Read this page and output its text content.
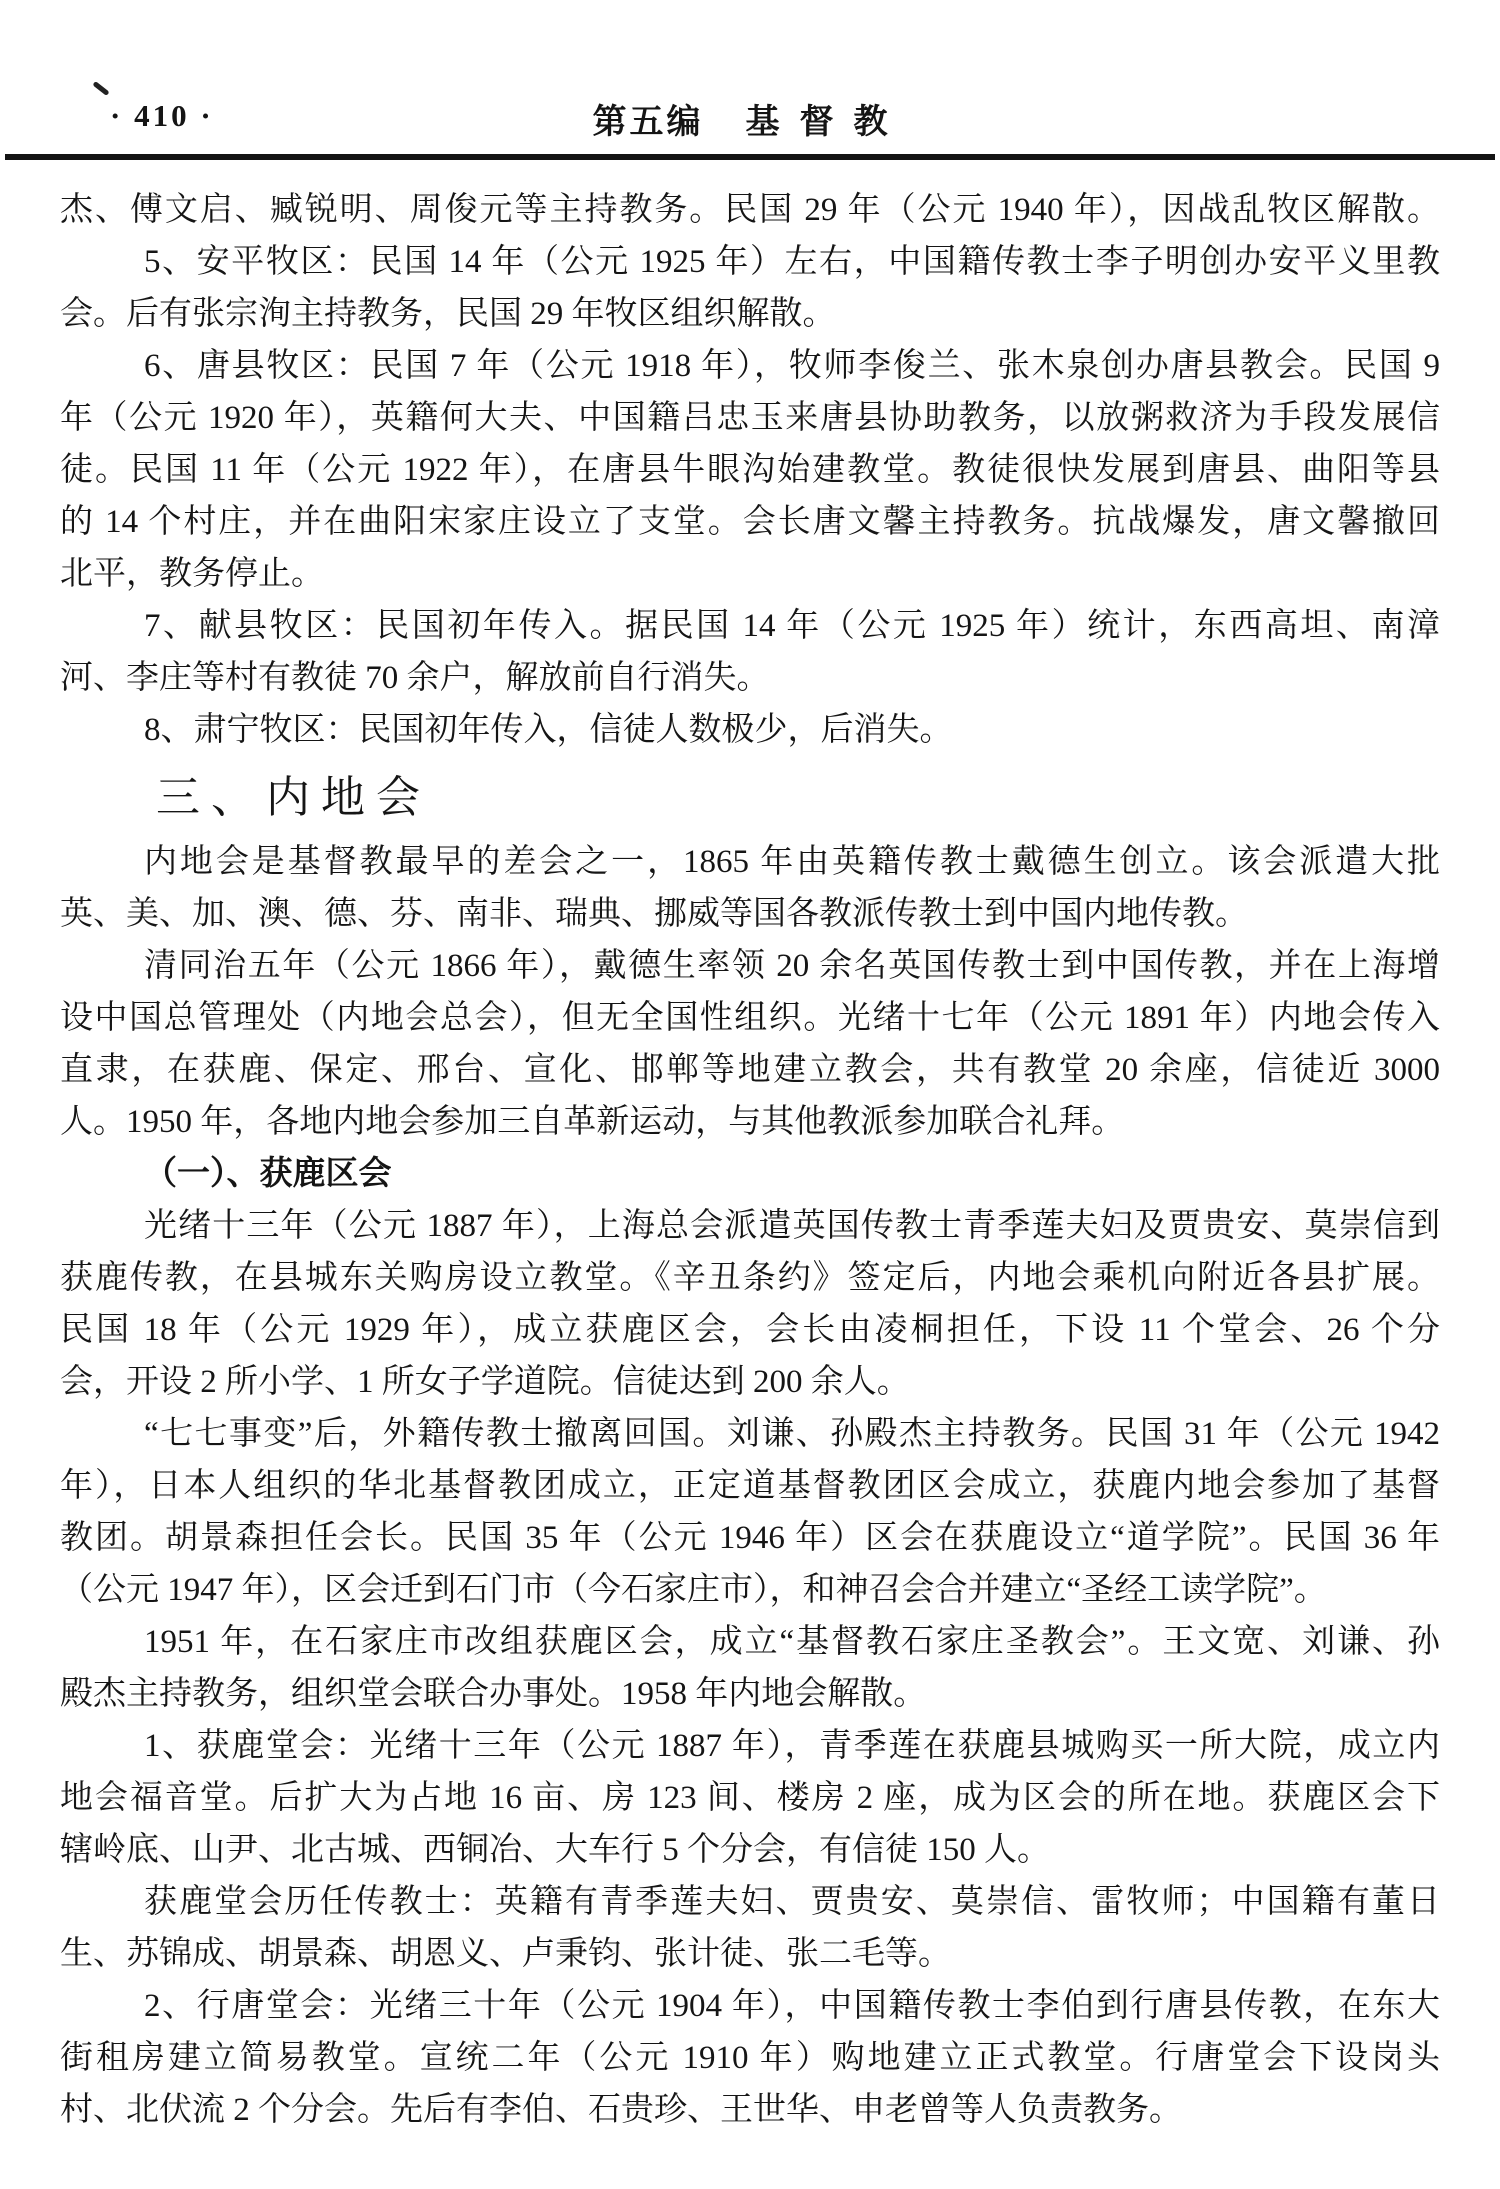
· 410 ·	第五编 基督教
杰、傅文启、臧锐明、周俊元等主持教务。民国 29 年（公元 1940 年），因战乱牧区解散。
5、安平牧区：民国 14 年（公元 1925 年）左右，中国籍传教士李子明创办安平义里教
会。后有张宗洵主持教务，民国 29 年牧区组织解散。
6、唐县牧区：民国 7 年（公元 1918 年），牧师李俊兰、张木泉创办唐县教会。民国 9
年（公元 1920 年），英籍何大夫、中国籍吕忠玉来唐县协助教务，以放粥救济为手段发展信
徒。民国 11 年（公元 1922 年），在唐县牛眼沟始建教堂。教徒很快发展到唐县、曲阳等县
的 14 个村庄，并在曲阳宋家庄设立了支堂。会长唐文馨主持教务。抗战爆发，唐文馨撤回
北平，教务停止。
7、献县牧区：民国初年传入。据民国 14 年（公元 1925 年）统计，东西高坦、南漳
河、李庄等村有教徒 70 余户，解放前自行消失。
8、肃宁牧区：民国初年传入，信徒人数极少，后消失。
三、内地会
内地会是基督教最早的差会之一，1865 年由英籍传教士戴德生创立。该会派遣大批
英、美、加、澳、德、芬、南非、瑞典、挪威等国各教派传教士到中国内地传教。
清同治五年（公元 1866 年），戴德生率领 20 余名英国传教士到中国传教，并在上海增
设中国总管理处（内地会总会），但无全国性组织。光绪十七年（公元 1891 年）内地会传入
直隶，在获鹿、保定、邢台、宣化、邯郸等地建立教会，共有教堂 20 余座，信徒近 3000
人。1950 年，各地内地会参加三自革新运动，与其他教派参加联合礼拜。
（一）、获鹿区会
光绪十三年（公元 1887 年），上海总会派遣英国传教士青季莲夫妇及贾贵安、莫崇信到
获鹿传教，在县城东关购房设立教堂。《辛丑条约》签定后，内地会乘机向附近各县扩展。
民国 18 年（公元 1929 年），成立获鹿区会，会长由凌桐担任，下设 11 个堂会、26 个分
会，开设 2 所小学、1 所女子学道院。信徒达到 200 余人。
“七七事变”后，外籍传教士撤离回国。刘谦、孙殿杰主持教务。民国 31 年（公元 1942
年），日本人组织的华北基督教团成立，正定道基督教团区会成立，获鹿内地会参加了基督
教团。胡景森担任会长。民国 35 年（公元 1946 年）区会在获鹿设立“道学院”。民国 36 年
（公元 1947 年），区会迁到石门市（今石家庄市），和神召会合并建立“圣经工读学院”。
1951 年，在石家庄市改组获鹿区会，成立“基督教石家庄圣教会”。王文宽、刘谦、孙
殿杰主持教务，组织堂会联合办事处。1958 年内地会解散。
1、获鹿堂会：光绪十三年（公元 1887 年），青季莲在获鹿县城购买一所大院，成立内
地会福音堂。后扩大为占地 16 亩、房 123 间、楼房 2 座，成为区会的所在地。获鹿区会下
辖岭底、山尹、北古城、西铜冶、大车行 5 个分会，有信徒 150 人。
获鹿堂会历任传教士：英籍有青季莲夫妇、贾贵安、莫崇信、雷牧师；中国籍有董日
生、苏锦成、胡景森、胡恩义、卢秉钧、张计徒、张二毛等。
2、行唐堂会：光绪三十年（公元 1904 年），中国籍传教士李伯到行唐县传教，在东大
街租房建立简易教堂。宣统二年（公元 1910 年）购地建立正式教堂。行唐堂会下设岗头
村、北伏流 2 个分会。先后有李伯、石贵珍、王世华、申老曾等人负责教务。
